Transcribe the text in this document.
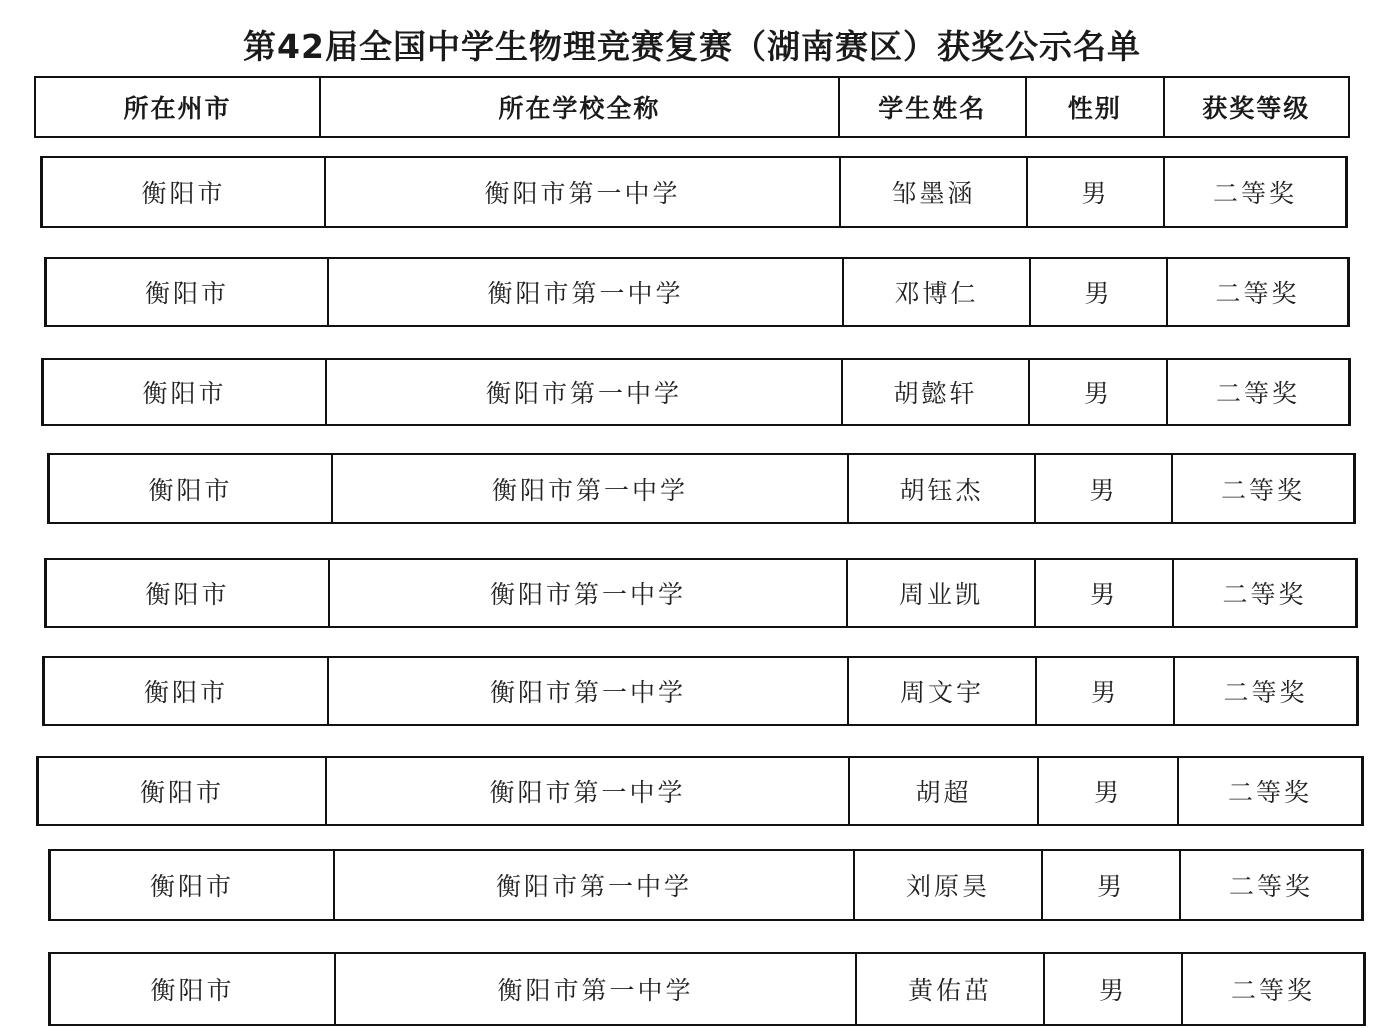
第42届全国中学生物理竞赛复赛（湖南赛区）获奖公示名单
所在州市	所在学校全称	学生姓名	性别	获奖等级
衡阳市	衡阳市第一中学	邹墨涵	男	二等奖
衡阳市	衡阳市第一中学	邓博仁	男	二等奖
衡阳市	衡阳市第一中学	胡懿轩	男	二等奖
衡阳市	衡阳市第一中学	胡钰杰	男	二等奖
衡阳市	衡阳市第一中学	周业凯	男	二等奖
衡阳市	衡阳市第一中学	周文宇	男	二等奖
衡阳市	衡阳市第一中学	胡超	男	二等奖
衡阳市	衡阳市第一中学	刘原昊	男	二等奖
衡阳市	衡阳市第一中学	黄佑茁	男	二等奖
